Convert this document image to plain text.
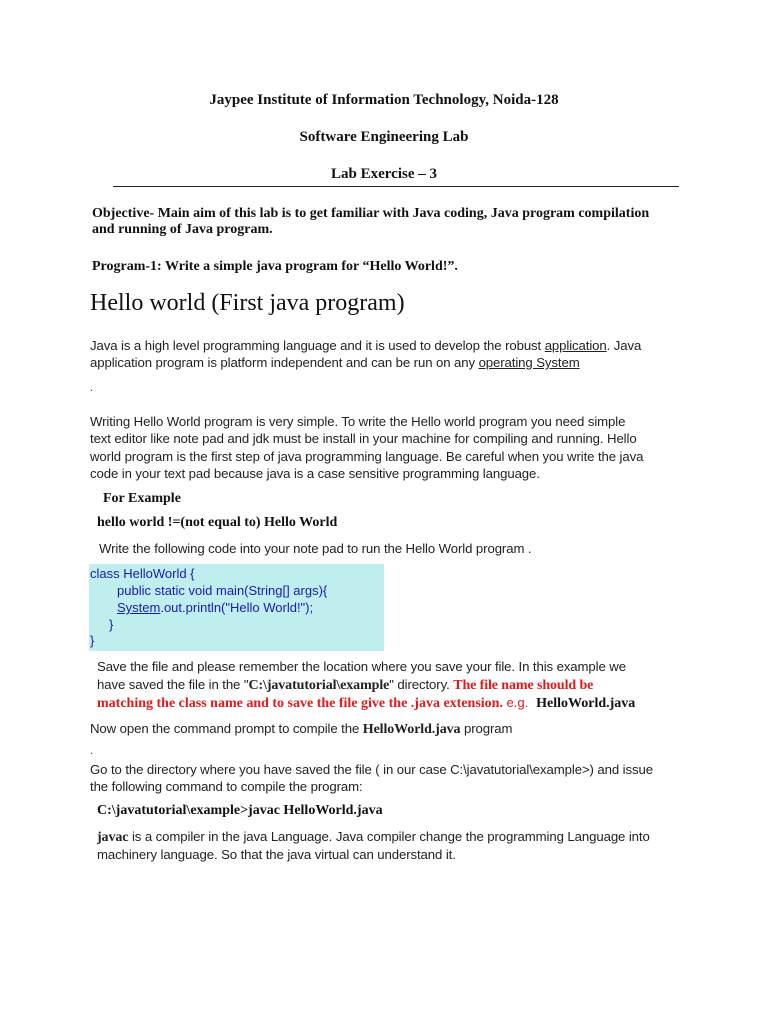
Jaypee Institute of Information Technology, Noida-128
Software Engineering Lab
Lab Exercise – 3
Objective- Main aim of this lab is to get familiar with Java coding, Java program compilation
and running of Java program.
Program-1: Write a simple java program for “Hello World!”.
Hello world (First java program)
Java is a high level programming language and it is used to develop the robust application. Java
application program is platform independent and can be run on any operating System
.
Writing Hello World program is very simple. To write the Hello world program you need simple
text editor like note pad and jdk must be install in your machine for compiling and running. Hello
world program is the first step of java programming language. Be careful when you write the java
code in your text pad because java is a case sensitive programming language.
For Example
hello world !=(not equal to) Hello World
Write the following code into your note pad to run the Hello World program .
class HelloWorld {
public static void main(String[] args){
System.out.println("Hello World!");
}
}
Save the file and please remember the location where you save your file. In this example we
have saved the file in the "C:\javatutorial\example" directory. The file name should be
matching the class name and to save the file give the .java extension. e.g. HelloWorld.java
Now open the command prompt to compile the HelloWorld.java program
.
Go to the directory where you have saved the file ( in our case C:\javatutorial\example>) and issue
the following command to compile the program:
C:\javatutorial\example>javac HelloWorld.java
javac is a compiler in the java Language. Java compiler change the programming Language into
machinery language. So that the java virtual can understand it.
